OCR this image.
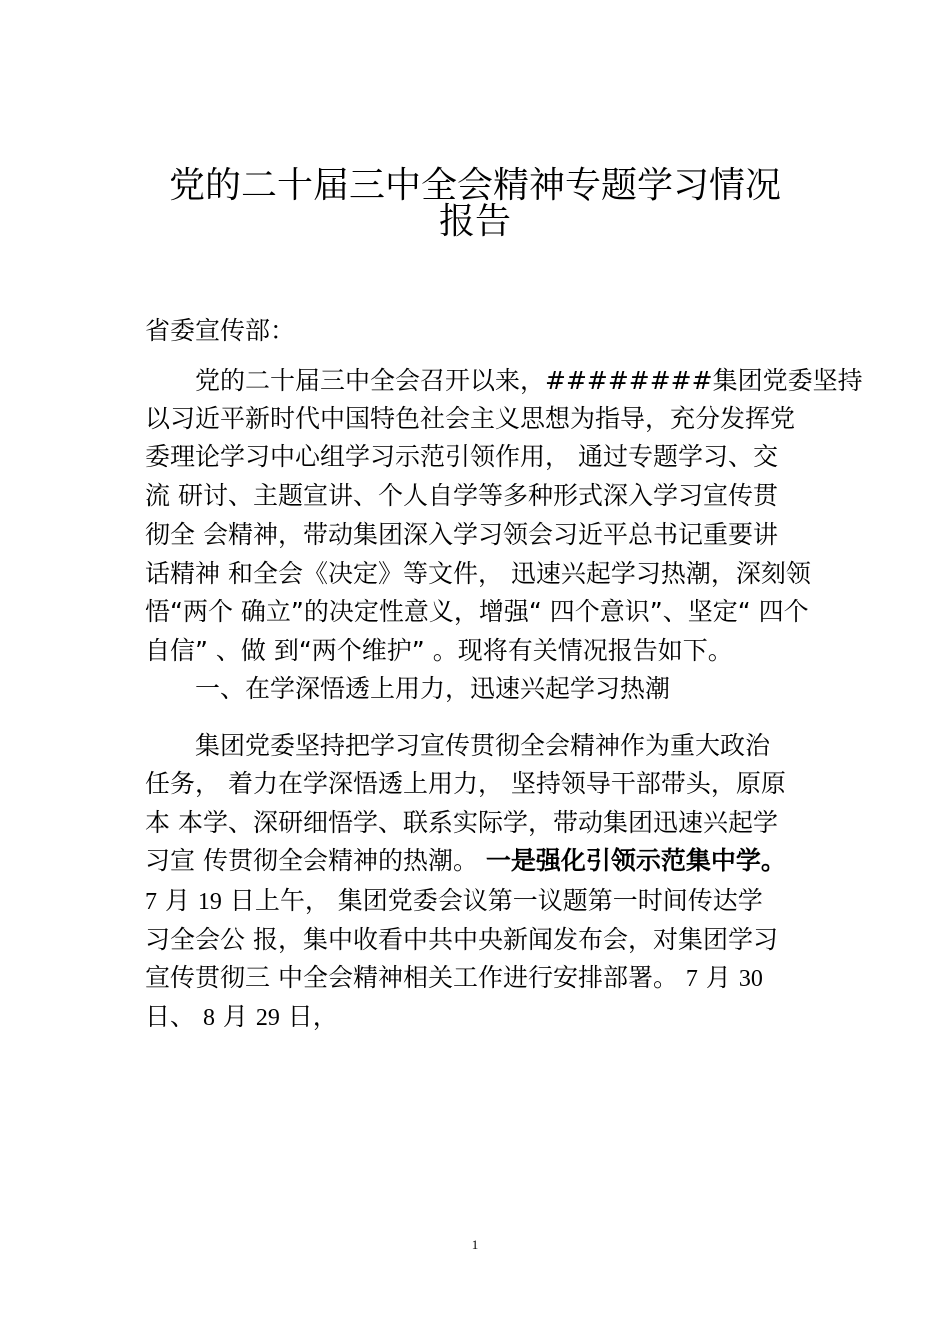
党的二十届三中全会精神专题学习情况
报告

省委宣传部：

党的二十届三中全会召开以来，########集团党委坚持

以习近平新时代中国特色社会主义思想为指导，充分发挥党

委理论学习中心组学习示范引领作用， 通过专题学习、交

流 研讨、主题宣讲、个人自学等多种形式深入学习宣传贯

彻全 会精神，带动集团深入学习领会习近平总书记重要讲

话精神 和全会《决定》等文件， 迅速兴起学习热潮，深刻领

悟“两个 确立”的决定性意义，增强“ 四个意识”、坚定“ 四个

自信” 、做 到“两个维护” 。现将有关情况报告如下。

一、在学深悟透上用力，迅速兴起学习热潮

集团党委坚持把学习宣传贯彻全会精神作为重大政治

任务， 着力在学深悟透上用力， 坚持领导干部带头，原原

本 本学、深研细悟学、联系实际学，带动集团迅速兴起学

习宣 传贯彻全会精神的热潮。 一是强化引领示范集中学。

7 月 19 日上午， 集团党委会议第一议题第一时间传达学

习全会公 报，集中收看中共中央新闻发布会，对集团学习

宣传贯彻三 中全会精神相关工作进行安排部署。 7 月 30

日、 8 月 29 日，

1
